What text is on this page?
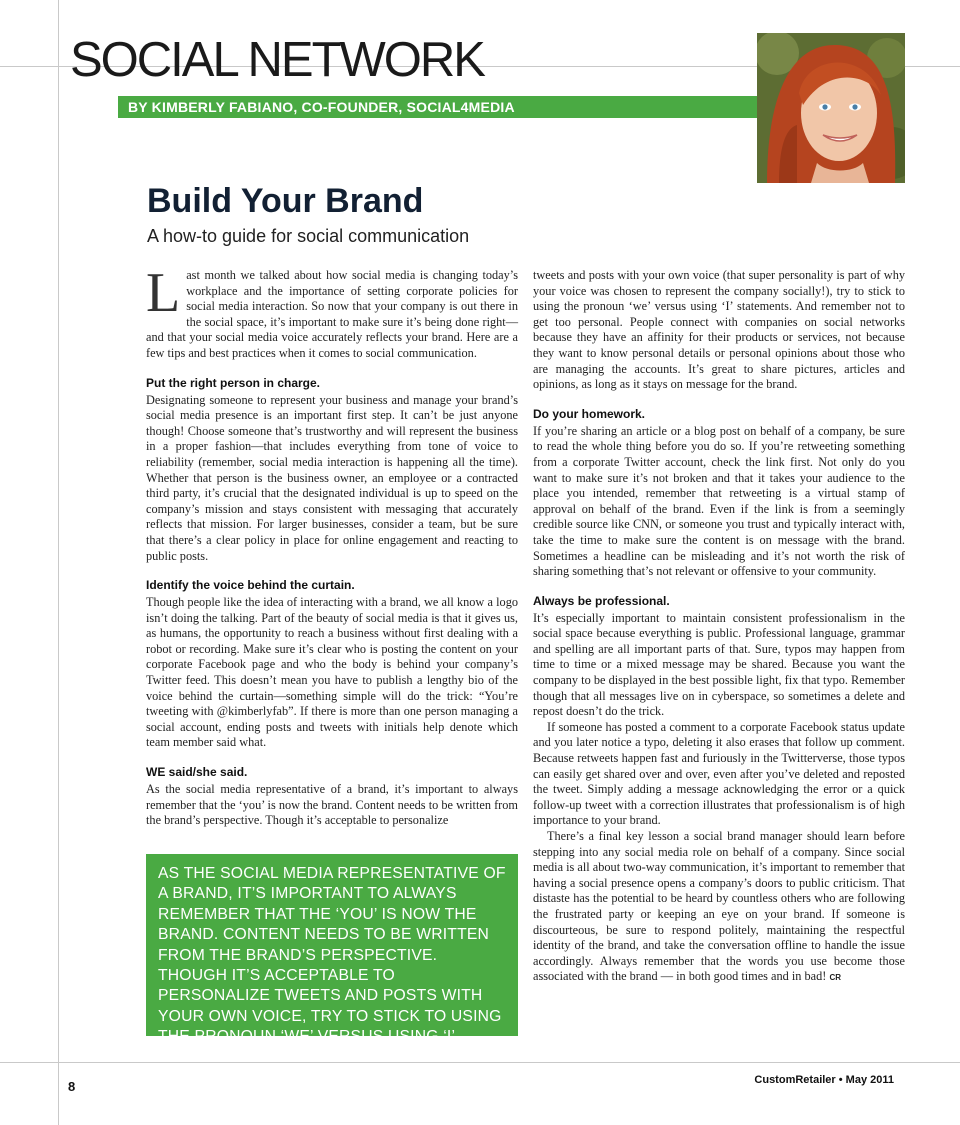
SOCIAL NETWORK
BY KIMBERLY FABIANO, CO-FOUNDER, SOCIAL4MEDIA
Build Your Brand
A how-to guide for social communication

Last month we talked about how social media is changing today’s workplace and the importance of setting corporate policies for social media interaction. So now that your company is out there in the social space, it’s important to make sure it’s being done right—and that your social media voice accurately reflects your brand. Here are a few tips and best practices when it comes to social communication.

Put the right person in charge.

Designating someone to represent your business and manage your brand’s social media presence is an important first step. It can’t be just anyone though! Choose someone that’s trustworthy and will represent the business in a proper fashion—that includes everything from tone of voice to reliability (remember, social media interaction is happening all the time). Whether that person is the business owner, an employee or a contracted third party, it’s crucial that the designated individual is up to speed on the company’s mission and stays consistent with messaging that accurately reflects that mission. For larger businesses, consider a team, but be sure that there’s a clear policy in place for online engagement and reacting to public posts.

Identify the voice behind the curtain.

Though people like the idea of interacting with a brand, we all know a logo isn’t doing the talking. Part of the beauty of social media is that it gives us, as humans, the opportunity to reach a business without first dealing with a robot or recording. Make sure it’s clear who is posting the content on your corporate Facebook page and who the body is behind your company’s Twitter feed. This doesn’t mean you have to publish a lengthy bio of the voice behind the curtain—something simple will do the trick: “You’re tweeting with @kimberlyfab”. If there is more than one person managing a social account, ending posts and tweets with initials help denote which team member said what.

WE said/she said.

As the social media representative of a brand, it’s important to always remember that the ‘you’ is now the brand. Content needs to be written from the brand’s perspective. Though it’s acceptable to personalize

AS THE SOCIAL MEDIA REPRESENTATIVE OF A BRAND, IT’S IMPORTANT TO ALWAYS REMEMBER THAT THE ‘YOU’ IS NOW THE BRAND. CONTENT NEEDS TO BE WRITTEN FROM THE BRAND’S PERSPECTIVE. THOUGH IT’S ACCEPTABLE TO PERSONALIZE TWEETS AND POSTS WITH YOUR OWN VOICE, TRY TO STICK TO USING THE PRONOUN ‘WE’ VERSUS USING ‘I’ STATEMENTS.

tweets and posts with your own voice (that super personality is part of why your voice was chosen to represent the company socially!), try to stick to using the pronoun ‘we’ versus using ‘I’ statements. And remember not to get too personal. People connect with companies on social networks because they have an affinity for their products or services, not because they want to know personal details or personal opinions about those who are managing the accounts. It’s great to share pictures, articles and opinions, as long as it stays on message for the brand.

Do your homework.

If you’re sharing an article or a blog post on behalf of a company, be sure to read the whole thing before you do so. If you’re retweeting something from a corporate Twitter account, check the link first. Not only do you want to make sure it’s not broken and that it takes your audience to the place you intended, remember that retweeting is a virtual stamp of approval on behalf of the brand. Even if the link is from a seemingly credible source like CNN, or someone you trust and typically interact with, take the time to make sure the content is on message with the brand. Sometimes a headline can be misleading and it’s not worth the risk of sharing something that’s not relevant or offensive to your community.

Always be professional.

It’s especially important to maintain consistent professionalism in the social space because everything is public. Professional language, grammar and spelling are all important parts of that. Sure, typos may happen from time to time or a mixed message may be shared. Because you want the company to be displayed in the best possible light, fix that typo. Remember though that all messages live on in cyberspace, so sometimes a delete and repost doesn’t do the trick.

If someone has posted a comment to a corporate Facebook status update and you later notice a typo, deleting it also erases that follow up comment. Because retweets happen fast and furiously in the Twitterverse, those typos can easily get shared over and over, even after you’ve deleted and reposted the tweet. Simply adding a message acknowledging the error or a quick follow-up tweet with a correction illustrates that professionalism is of high importance to your brand.

There’s a final key lesson a social brand manager should learn before stepping into any social media role on behalf of a company. Since social media is all about two-way communication, it’s important to remember that having a social presence opens a company’s doors to public criticism. That distaste has the potential to be heard by countless others who are following the frustrated party or keeping an eye on your brand. If someone is discourteous, be sure to respond politely, maintaining the respectful identity of the brand, and take the conversation offline to handle the issue accordingly. Always remember that the words you use become those associated with the brand — in both good times and in bad! CR

8	CustomRetailer • May 2011
